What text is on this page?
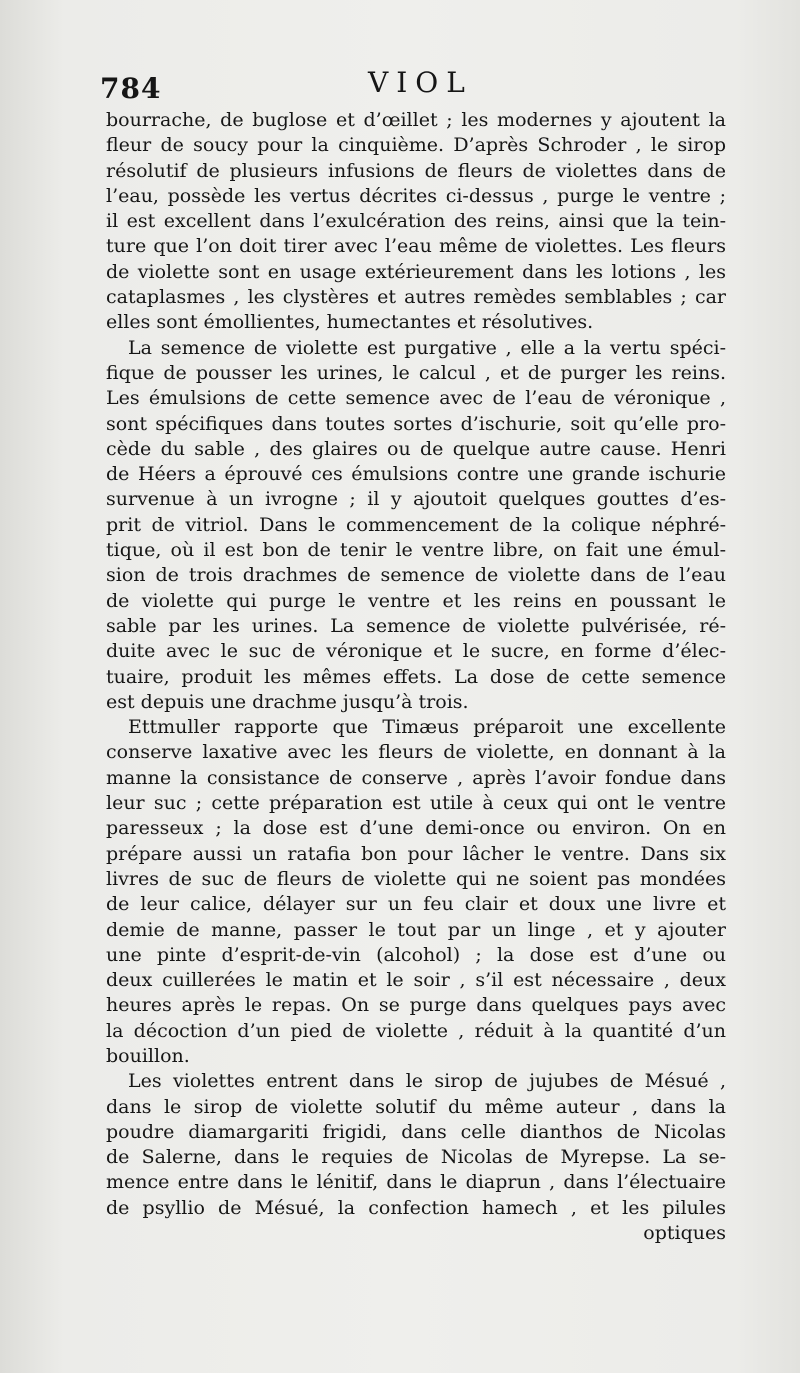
784	VIOL
bourrache, de buglose et d’œillet ; les modernes y ajoutent la
fleur de soucy pour la cinquième. D’après Schroder , le sirop
résolutif de plusieurs infusions de fleurs de violettes dans de
l’eau, possède les vertus décrites ci-dessus , purge le ventre ;
il est excellent dans l’exulcération des reins, ainsi que la tein-
ture que l’on doit tirer avec l’eau même de violettes. Les fleurs
de violette sont en usage extérieurement dans les lotions , les
cataplasmes , les clystères et autres remèdes semblables ; car
elles sont émollientes, humectantes et résolutives.
La semence de violette est purgative , elle a la vertu spéci-
fique de pousser les urines, le calcul , et de purger les reins.
Les émulsions de cette semence avec de l’eau de véronique ,
sont spécifiques dans toutes sortes d’ischurie, soit qu’elle pro-
cède du sable , des glaires ou de quelque autre cause. Henri
de Héers a éprouvé ces émulsions contre une grande ischurie
survenue à un ivrogne ; il y ajoutoit quelques gouttes d’es-
prit de vitriol. Dans le commencement de la colique néphré-
tique, où il est bon de tenir le ventre libre, on fait une émul-
sion de trois drachmes de semence de violette dans de l’eau
de violette qui purge le ventre et les reins en poussant le
sable par les urines. La semence de violette pulvérisée, ré-
duite avec le suc de véronique et le sucre, en forme d’élec-
tuaire, produit les mêmes effets. La dose de cette semence
est depuis une drachme jusqu’à trois.
Ettmuller rapporte que Timæus préparoit une excellente
conserve laxative avec les fleurs de violette, en donnant à la
manne la consistance de conserve , après l’avoir fondue dans
leur suc ; cette préparation est utile à ceux qui ont le ventre
paresseux ; la dose est d’une demi-once ou environ. On en
prépare aussi un ratafia bon pour lâcher le ventre. Dans six
livres de suc de fleurs de violette qui ne soient pas mondées
de leur calice, délayer sur un feu clair et doux une livre et
demie de manne, passer le tout par un linge , et y ajouter
une pinte d’esprit-de-vin (alcohol) ; la dose est d’une ou
deux cuillerées le matin et le soir , s’il est nécessaire , deux
heures après le repas. On se purge dans quelques pays avec
la décoction d’un pied de violette , réduit à la quantité d’un
bouillon.
Les violettes entrent dans le sirop de jujubes de Mésué ,
dans le sirop de violette solutif du même auteur , dans la
poudre diamargariti frigidi, dans celle dianthos de Nicolas
de Salerne, dans le requies de Nicolas de Myrepse. La se-
mence entre dans le lénitif, dans le diaprun , dans l’électuaire
de psyllio de Mésué, la confection hamech , et les pilules
optiques
